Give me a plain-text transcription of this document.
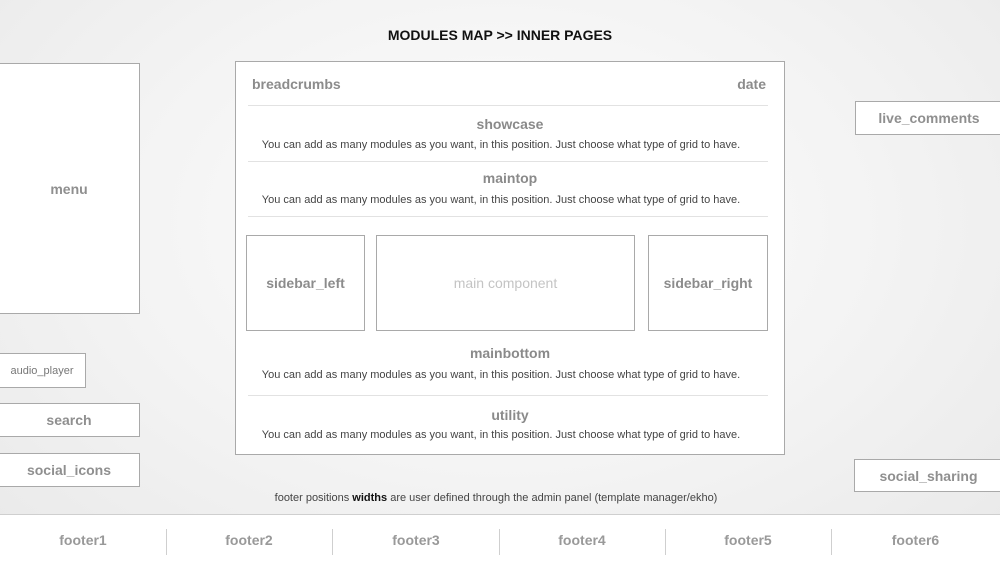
MODULES MAP >> INNER PAGES
menu
audio_player
search
social_icons
live_comments
social_sharing
breadcrumbs	date
showcase
You can add as many modules as you want, in this position. Just choose what type of grid to have.
maintop
You can add as many modules as you want, in this position. Just choose what type of grid to have.
sidebar_left	main component	sidebar_right
mainbottom
You can add as many modules as you want, in this position. Just choose what type of grid to have.
utility
You can add as many modules as you want, in this position. Just choose what type of grid to have.
footer positions widths are user defined through the admin panel (template manager/ekho)
footer1	footer2	footer3	footer4	footer5	footer6
